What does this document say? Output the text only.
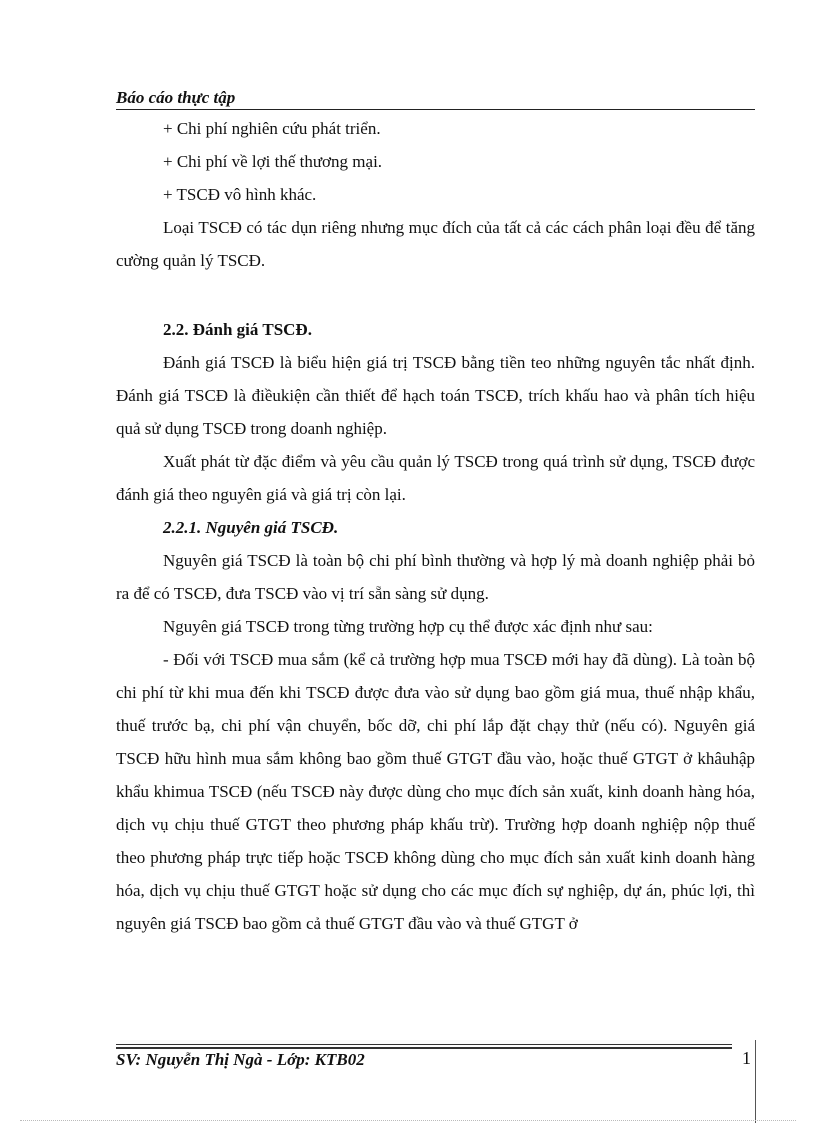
Báo cáo thực tập

+ Chi phí nghiên cứu phát triển.

+ Chi phí về lợi thế thương mại.

+ TSCĐ vô hình khác.

Loại TSCĐ có tác dụn riêng nhưng mục đích của tất cả các cách phân loại đều để tăng cường quản lý TSCĐ.

2.2. Đánh giá TSCĐ.

Đánh giá TSCĐ là biểu hiện giá trị TSCĐ bằng tiền teo những nguyên tắc nhất định. Đánh giá TSCĐ là điềukiện cần thiết để hạch toán TSCĐ, trích khấu hao và phân tích hiệu quả sử dụng TSCĐ trong doanh nghiệp.

Xuất phát từ đặc điểm và yêu cầu quản lý TSCĐ trong quá trình sử dụng, TSCĐ được đánh giá theo nguyên giá và giá trị còn lại.

2.2.1. Nguyên giá TSCĐ.

Nguyên giá TSCĐ là toàn bộ chi phí bình thường và hợp lý mà doanh nghiệp phải bỏ ra để có TSCĐ, đưa TSCĐ vào vị trí sẵn sàng sử dụng.

Nguyên giá TSCĐ trong từng trường hợp cụ thể được xác định như sau:

- Đối với TSCĐ mua sắm (kể cả trường hợp mua TSCĐ mới hay đã dùng). Là toàn bộ chi phí từ khi mua đến khi TSCĐ được đưa vào sử dụng bao gồm giá mua, thuế nhập khẩu, thuế trước bạ, chi phí vận chuyển, bốc dỡ, chi phí lắp đặt chạy thử (nếu có). Nguyên giá TSCĐ hữu hình mua sắm không bao gồm thuế GTGT đầu vào, hoặc thuế GTGT ở khâuhập khẩu khimua TSCĐ (nếu TSCĐ này được dùng cho mục đích sản xuất, kinh doanh hàng hóa, dịch vụ chịu thuế GTGT theo phương pháp khấu trừ). Trường hợp doanh nghiệp nộp thuế theo phương pháp trực tiếp hoặc TSCĐ không dùng cho mục đích sản xuất kinh doanh hàng hóa, dịch vụ chịu thuế GTGT hoặc sử dụng cho các mục đích sự nghiệp, dự án, phúc lợi, thì nguyên giá TSCĐ bao gồm cả thuế GTGT đầu vào và thuế GTGT ở

SV: Nguyễn Thị Ngà - Lớp: KTB02	1
